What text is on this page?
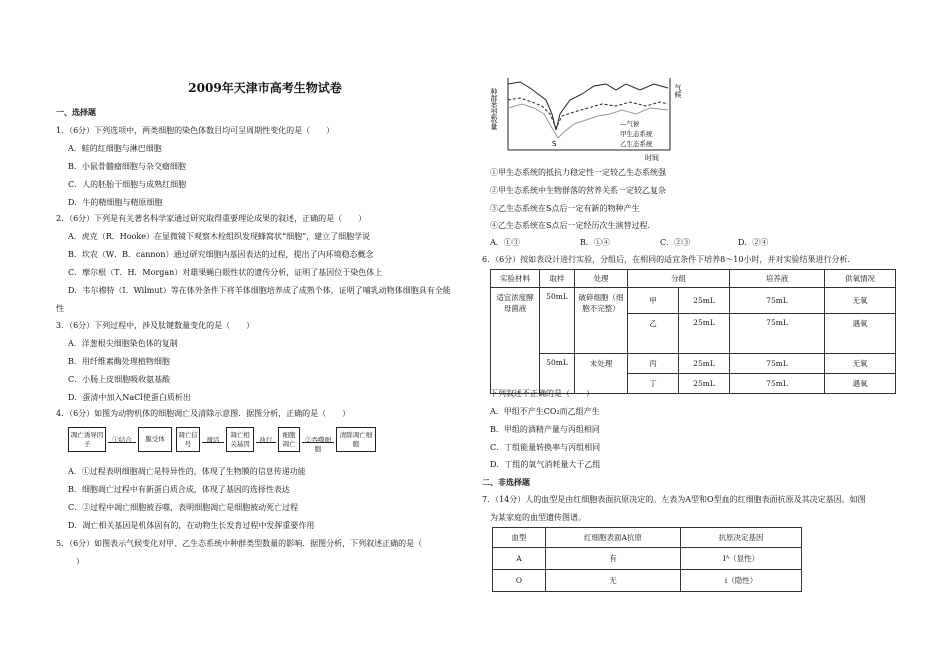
2009年天津市高考生物试卷
一、选择题
1．（6分）下列选项中，两类细胞的染色体数目均可呈周期性变化的是（　　）
A．蛙的红细胞与淋巴细胞
B．小鼠骨髓瘤细胞与杂交瘤细胞
C．人的胚胎干细胞与成熟红细胞
D．牛的精细胞与精原细胞
2．（6分）下列是有关著名科学家通过研究取得重要理论成果的叙述，正确的是（　　）
A．虎克（R．Hooke）在显微镜下观察木栓组织发现蜂窝状“细胞”，建立了细胞学说
B．坎农（W．B．cannon）通过研究细胞内基因表达的过程，提出了内环境稳态概念
C．摩尔根（T．H．Morgan）对雄果蝇白眼性状的遗传分析，证明了基因位于染色体上
D．韦尔穆特（I．Wilmut）等在体外条件下将羊体细胞培养成了成熟个体，证明了哺乳动物体细胞具有全能
性
3．（6分）下列过程中，涉及肽键数量变化的是（　　）
A．洋葱根尖细胞染色体的复制
B．用纤维素酶处理植物细胞
C．小肠上皮细胞吸收氨基酸
D．蛋清中加入NaCl使蛋白质析出
4．（6分）如图为动物机体的细胞凋亡及清除示意图．据图分析，正确的是（　　）
凋亡诱导因子	①结合	膜受体
凋亡信号	激活
凋亡相关基因	执行
细胞凋亡	②吞噬细胞
清除凋亡细胞
A．①过程表明细胞凋亡是特异性的，体现了生物膜的信息传递功能
B．细胞凋亡过程中有新蛋白质合成，体现了基因的选择性表达
C．②过程中凋亡细胞被吞噬，表明细胞凋亡是细胞被动死亡过程
D．凋亡相关基因是机体固有的，在动物生长发育过程中发挥重要作用
5．（6分）如图表示气候变化对甲、乙生态系统中种群类型数量的影响．据图分析，下列叙述正确的是（
）
种群类型数量	气候
时间
S
—气候
甲生态系统
乙生态系统
①甲生态系统的抵抗力稳定性一定较乙生态系统强
②甲生态系统中生物群落的营养关系一定较乙复杂
③乙生态系统在S点后一定有新的物种产生
④乙生态系统在S点后一定经历次生演替过程．
A．①③	B．①④	C．②③	D．②④
6．（6分）按如表设计进行实验，分组后，在相同的适宜条件下培养8～10小时，并对实验结果进行分析．
实验材料	取样	处理	分组		培养液	供氧情况
适宜浓度酵母菌液	50mL	破碎细胞（细胞不完整）	甲	25mL	75mL	无氧
			乙	25mL	75mL	遇氧
	50mL	未处理	丙	25mL	75mL	无氧
			丁	25mL	75mL	遇氧
下列叙述不正确的是（　　）
A．甲组不产生CO₂而乙组产生
B．甲组的酒精产量与丙组相同
C．丁组能量转换率与丙组相同
D．丁组的氧气消耗量大于乙组
二、非选择题
7．（14分）人的血型是由红细胞表面抗原决定的。左表为A型和O型血的红细胞表面抗原及其决定基因。如图
为某家庭的血型遗传图谱。
血型	红细胞表面A抗原	抗原决定基因
A	有	Iᴬ（显性）
O	无	i（隐性）
